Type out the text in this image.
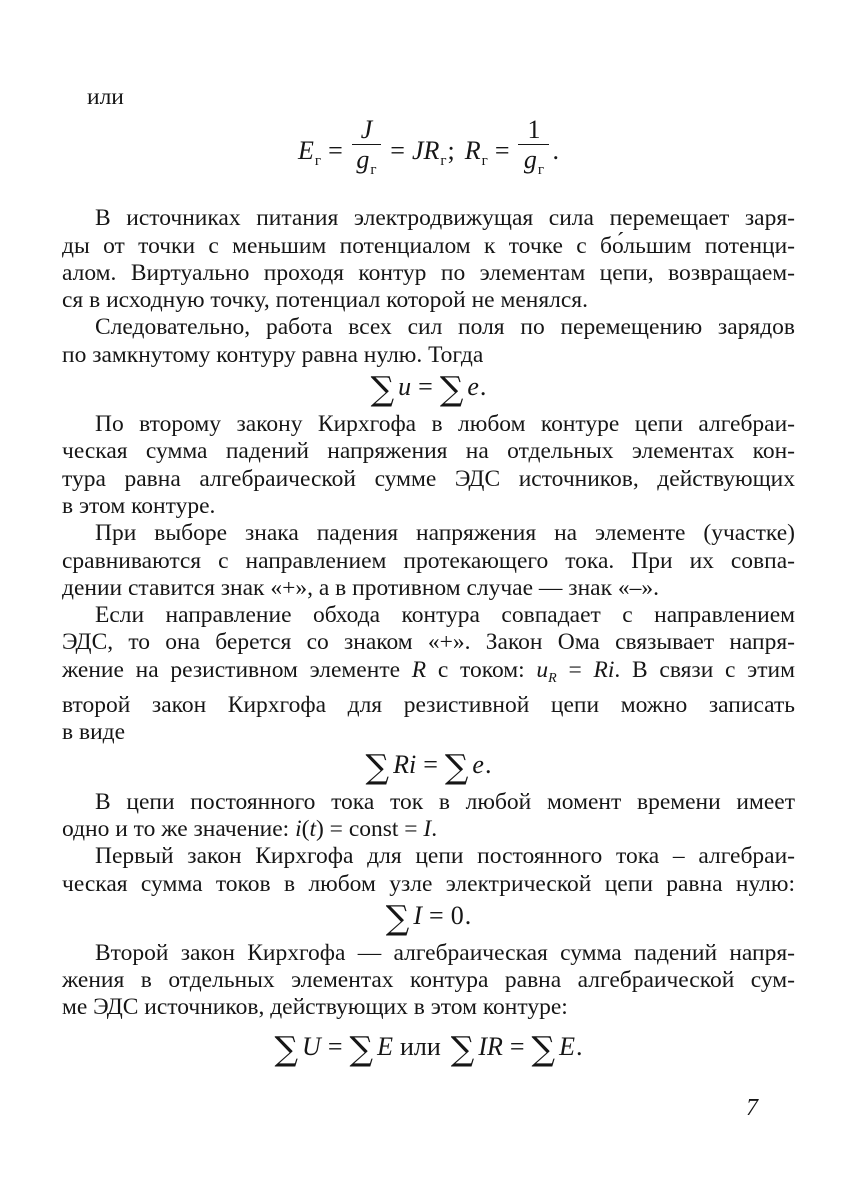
или
$E_г = \frac{J}{g_г} = JR_г$; $R_г = \frac{1}{g_г}$ .
В источниках питания электродвижущая сила перемещает заря-
ды от точки с меньшим потенциалом к точке с бо́льшим потенци-
алом. Виртуально проходя контур по элементам цепи, возвращаем-
ся в исходную точку, потенциал которой не менялся.
Следовательно, работа всех сил поля по перемещению зарядов
по замкнутому контуру равна нулю. Тогда
∑ u = ∑ e.
По второму закону Кирхгофа в любом контуре цепи алгебраи-
ческая сумма падений напряжения на отдельных элементах кон-
тура равна алгебраической сумме ЭДС источников, действующих
в этом контуре.
При выборе знака падения напряжения на элементе (участке)
сравниваются с направлением протекающего тока. При их совпа-
дении ставится знак «+», а в противном случае — знак «–».
Если направление обхода контура совпадает с направлением
ЭДС, то она берется со знаком «+». Закон Ома связывает напря-
жение на резистивном элементе R с током: $u_R = Ri$. В связи с этим
второй закон Кирхгофа для резистивной цепи можно записать
в виде
∑ Ri = ∑ e.
В цепи постоянного тока ток в любой момент времени имеет
одно и то же значение: i(t) = const = I.
Первый закон Кирхгофа для цепи постоянного тока – алгебраи-
ческая сумма токов в любом узле электрической цепи равна нулю:
∑ I = 0.
Второй закон Кирхгофа — алгебраическая сумма падений напря-
жения в отдельных элементах контура равна алгебраической сум-
ме ЭДС источников, действующих в этом контуре:
∑ U = ∑ E или ∑ IR = ∑ E.
7
